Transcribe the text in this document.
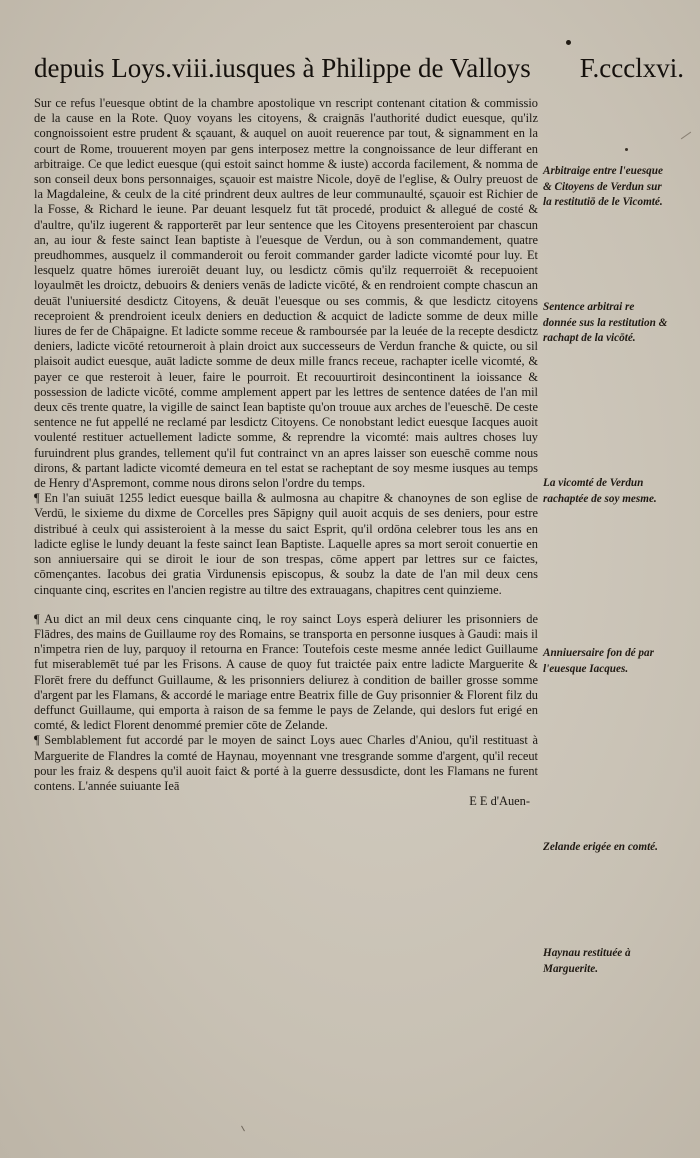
depuis Loys.viii.iusques à Philippe de Valloys F.ccclxvi.

Sur ce refus l'euesque obtint de la chambre apostolique vn rescript contenant citation & commissio de la cause en la Rote. Quoy voyans les citoyens, & craignās l'authorité dudict euesque, qu'ilz congnoissoient estre prudent & sçauant, & auquel on auoit reuerence par tout, & signamment en la court de Rome, trouuerent moyen par gens interposez mettre la congnoissance de leur differant en arbitraige. Ce que ledict euesque (qui estoit sainct homme & iuste) accorda facilement, & nomma de son conseil deux bons personnaiges, sçauoir est maistre Nicole, doyē de l'eglise, & Oulry preuost de la Magdaleine, & ceulx de la cité prindrent deux aultres de leur communaulté, sçauoir est Richier de la Fosse, & Richard le ieune. Par deuant lesquelz fut tāt procedé, produict & allegué de costé & d'aultre, qu'ilz iugerent & rapporterēt par leur sentence que les Citoyens presenteroient par chascun an, au iour & feste sainct Iean baptiste à l'euesque de Verdun, ou à son commandement, quatre preudhommes, ausquelz il commanderoit ou feroit commander garder ladicte vicomté pour luy. Et lesquelz quatre hōmes iureroiēt deuant luy, ou lesdictz cōmis qu'ilz requerroiēt & recepuoient loyaulmēt les droictz, debuoirs & deniers venās de ladicte vicōté, & en rendroient compte chascun an deuāt l'uniuersité desdictz Citoyens, & deuāt l'euesque ou ses commis, & que lesdictz citoyens receproient & prendroient iceulx deniers en deduction & acquict de ladicte somme de deux mille liures de fer de Chāpaigne. Et ladicte somme receue & ramboursée par la leuée de la recepte desdictz deniers, ladicte vicōté retourneroit à plain droict aux successeurs de Verdun franche & quicte, ou sil plaisoit audict euesque, auāt ladicte somme de deux mille francs receue, rachapter icelle vicomté, & payer ce que resteroit à leuer, faire le pourroit. Et recouurtiroit desincontinent la ioissance & possession de ladicte vicōté, comme amplement appert par les lettres de sentence datées de l'an mil deux cēs trente quatre, la vigille de sainct Iean baptiste qu'on trouue aux arches de l'eueschē. De ceste sentence ne fut appellé ne reclamé par lesdictz Citoyens. Ce nonobstant ledict euesque Iacques auoit voulenté restituer actuellement ladicte somme, & reprendre la vicomté: mais aultres choses luy furuindrent plus grandes, tellement qu'il fut contrainct vn an apres laisser son eueschē comme nous dirons, & partant ladicte vicomté demeura en tel estat se racheptant de soy mesme iusques au temps de Henry d'Aspremont, comme nous dirons selon l'ordre du temps.

¶ En l'an suiuāt 1255 ledict euesque bailla & aulmosna au chapitre & chanoynes de son eglise de Verdū, le sixieme du dixme de Corcelles pres Sāpigny quil auoit acquis de ses deniers, pour estre distribué à ceulx qui assisteroient à la messe du saict Esprit, qu'il ordōna celebrer tous les ans en ladicte eglise le lundy deuant la feste sainct Iean Baptiste. Laquelle apres sa mort seroit conuertie en son anniuersaire qui se diroit le iour de son trespas, cōme appert par lettres sur ce faictes, cōmençantes. Iacobus dei gratia Virdunensis episcopus, & soubz la date de l'an mil deux cens cinquante cinq, escrites en l'ancien registre au tiltre des extrauagans, chapitres cent quinzieme.

¶ Au dict an mil deux cens cinquante cinq, le roy sainct Loys esperà deliurer les prisonniers de Flādres, des mains de Guillaume roy des Romains, se transporta en personne iusques à Gaudi: mais il n'impetra rien de luy, parquoy il retourna en France: Toutefois ceste mesme année ledict Guillaume fut miserablemēt tué par les Frisons. A cause de quoy fut traictée paix entre ladicte Marguerite & Florēt frere du deffunct Guillaume, & les prisonniers deliurez à condition de bailler grosse somme d'argent par les Flamans, & accordé le mariage entre Beatrix fille de Guy prisonnier & Florent filz du deffunct Guillaume, qui emporta à raison de sa femme le pays de Zelande, qui deslors fut erigé en comté, & ledict Florent denommé premier cōte de Zelande.

¶ Semblablement fut accordé par le moyen de sainct Loys auec Charles d'Aniou, qu'il restituast à Marguerite de Flandres la comté de Haynau, moyennant vne tresgrande somme d'argent, qu'il receut pour les fraiz & despens qu'il auoit faict & porté à la guerre dessusdicte, dont les Flamans ne furent contens. L'année suiuante Ieā

E E d'Auen-

Arbitraige entre l'euesque & Citoyens de Verdun sur la restitutiō de le Vicomté.
Sentence arbitrai re donnée sus la restitution & rachapt de la vicōté.
La vicomté de Verdun rachaptée de soy mesme.
Anniuersaire fon dé par l'euesque Iacques.
Zelande erigée en comté.
Haynau restituée à Marguerite.
